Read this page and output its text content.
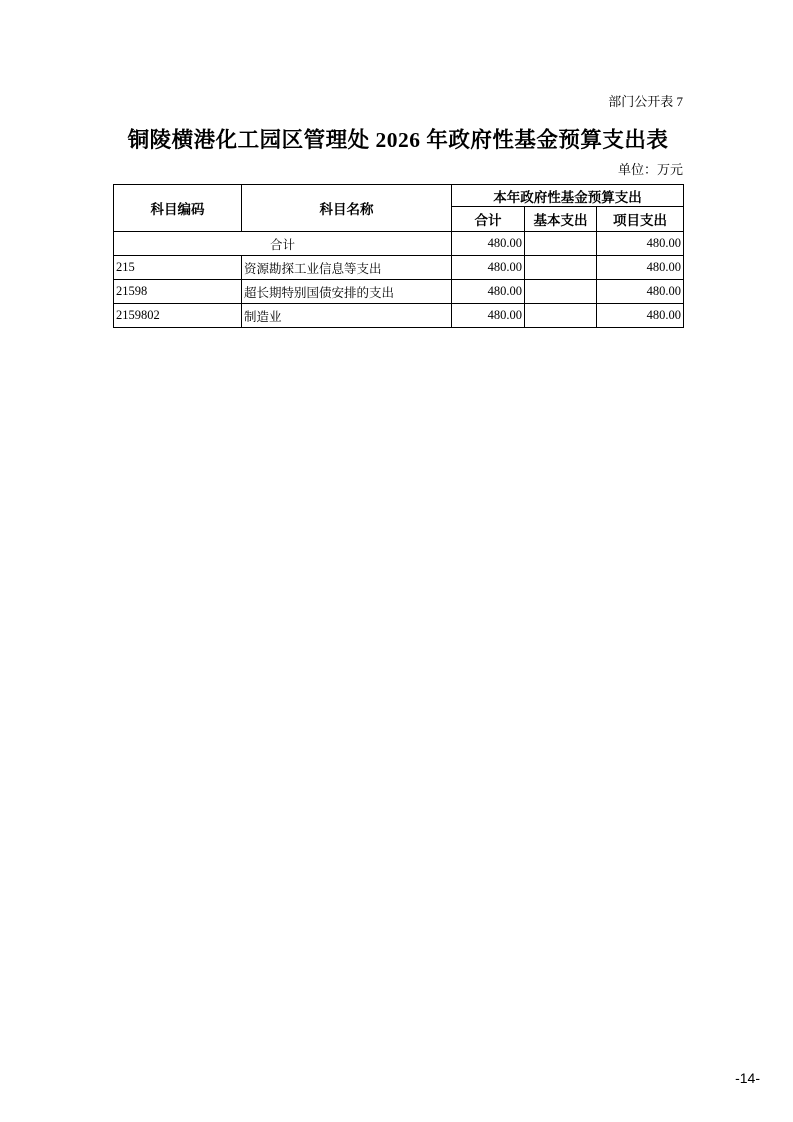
部门公开表 7
铜陵横港化工园区管理处 2026 年政府性基金预算支出表
单位：万元
科目编码	科目名称	本年政府性基金预算支出		
		合计	基本支出	项目支出
合计		480.00		480.00
215	资源勘探工业信息等支出	480.00		480.00
21598	超长期特别国债安排的支出	480.00		480.00
2159802	制造业	480.00		480.00
-14-
